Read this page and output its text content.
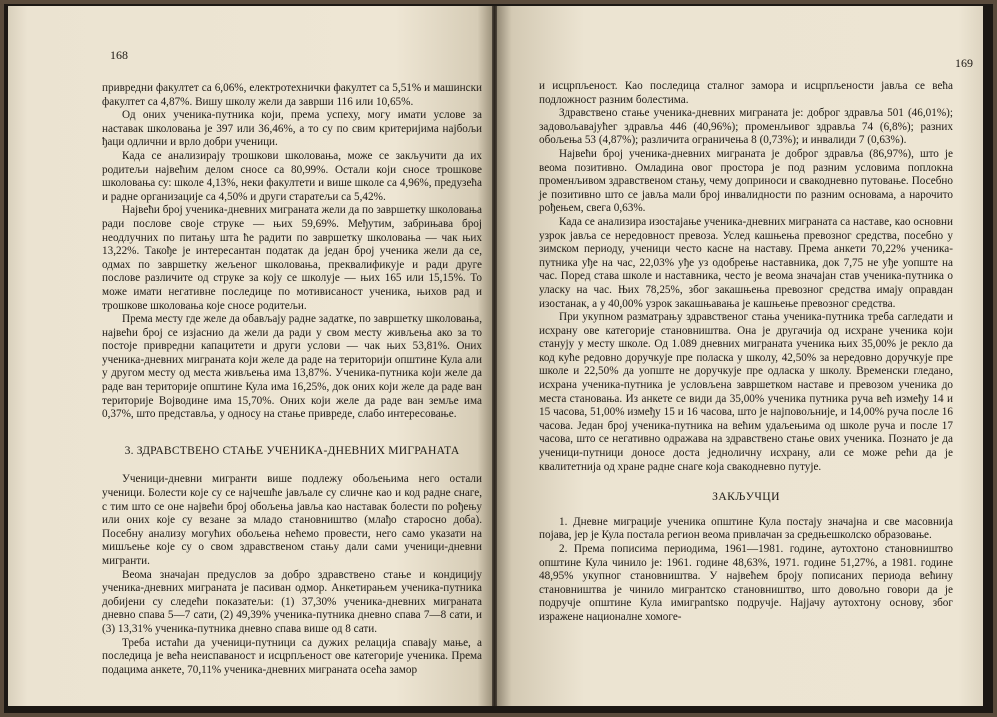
168

привредни факултет са 6,06%, електротехнички факултет са 5,51% и машински факултет са 4,87%. Вишу школу жели да заврши 116 или 10,65%.

Од оних ученика-путника који, према успеху, могу имати услове за наставак школовања је 397 или 36,46%, а то су по свим критеријима најбољи ђаци одлични и врло добри ученици.

Када се анализирају трошкови школовања, може се закључити да их родитељи највећим делом сносе са 80,99%. Остали који сносе трошкове школовања су: школе 4,13%, неки факултети и више школе са 4,96%, предузећа и радне организације са 4,50% и други старатељи са 5,42%.

Највећи број ученика-дневних миграната жели да по завршетку школовања ради послове своје струке — њих 59,69%. Међутим, забрињава број неодлучних по питању шта ће радити по завршетку школовања — чак њих 13,22%. Такође је интересантан податак да један број ученика жели да се, одмах по завршетку жељеног школовања, преквалификује и ради друге послове различите од струке за коју се школује — њих 165 или 15,15%. То може имати негативне последице по мотивисаност ученика, њихов рад и трошкове школовања које сносе родитељи.

Према месту где желе да обављају радне задатке, по завршетку школовања, највећи број се изјаснио да жели да ради у свом месту живљења ако за то постоје привредни капацитети и други услови — чак њих 53,81%. Оних ученика-дневних миграната који желе да раде на територији општине Кула али у другом месту од места живљења има 13,87%. Ученика-путника који желе да раде ван територије општине Кула има 16,25%, док оних који желе да раде ван територије Војводине има 15,70%. Оних који желе да раде ван земље има 0,37%, што представља, у односу на стање привреде, слабо интересовање.

3. ЗДРАВСТВЕНО СТАЊЕ УЧЕНИКА-ДНЕВНИХ МИГРАНАТА

Ученици-дневни мигранти више подлежу обољењима него остали ученици. Болести које су се најчешће јављале су сличне као и код радне снаге, с тим што се оне највећи број обољења јавља као наставак болести по рођењу или оних које су везане за младо становништво (млађо старосно доба). Посебну анализу могућих обољења нећемо провести, него само указати на мишљење које су о свом здравственом стању дали сами ученици-дневни мигранти.

Веома значајан предуслов за добро здравствено стање и кондицију ученика-дневних миграната је пасиван одмор. Анкетирањем ученика-путника добијени су следећи показатељи: (1) 37,30% ученика-дневних миграната дневно спава 5—7 сати, (2) 49,39% ученика-путника дневно спава 7—8 сати, и (3) 13,31% ученика-путника дневно спава више од 8 сати.

Треба истаћи да ученици-путници са дужих релација спавају мање, а последица је већа неиспаваност и исцрпљеност ове категорије ученика. Према подацима анкете, 70,11% ученика-дневних миграната осећа замор

169

и исцрпљеност. Као последица сталног замора и исцрпљености јавља се већа подложност разним болестима.

Здравствено стање ученика-дневних миграната је: доброг здравља 501 (46,01%); задовољавајућег здравља 446 (40,96%); променљивог здравља 74 (6,8%); разних обољења 53 (4,87%); различита ограничења 8 (0,73%); и инвалиди 7 (0,63%).

Највећи број ученика-дневних миграната је доброг здравља (86,97%), што је веома позитивно. Омладина овог простора је под разним условима поплокна променљивом здравственом стању, чему доприноси и свакодневно путовање. Посебно је позитивно што се јавља мали број инвалидности по разним основама, а нарочито рођењем, свега 0,63%.

Када се анализира изостајање ученика-дневних миграната са наставе, као основни узрок јавља се нередовност превоза. Услед кашњења превозног средства, посебно у зимском периоду, ученици често касне на наставу. Према анкети 70,22% ученика-путника уђе на час, 22,03% уђе уз одобрење наставника, док 7,75 не уђе уопште на час. Поред става школе и наставника, често је веома значајан став ученика-путника о уласку на час. Њих 78,25%, због закашњења превозног средства имају оправдан изостанак, а у 40,00% узрок закашњавања је кашњење превозног средства.

При укупном разматрању здравственог стања ученика-путника треба сагледати и исхрану ове категорије становништва. Она је другачија од исхране ученика који станују у месту школе. Од 1.089 дневних миграната ученика њих 35,00% је рекло да код куће редовно доручкује пре поласка у школу, 42,50% за нередовно доручкује пре школе и 22,50% да уопште не доручкује пре одласка у школу. Временски гледано, исхрана ученика-путника је условљена завршетком наставе и превозом ученика до места становања. Из анкете се види да 35,00% ученика путника руча већ између 14 и 15 часова, 51,00% између 15 и 16 часова, што је најповољније, и 14,00% руча после 16 часова. Један број ученика-путника на већим удаљењима од школе руча и после 17 часова, што се негативно одражава на здравствено стање ових ученика. Познато је да ученици-путници доносе доста једноличну исхрану, али се може рећи да је квалитетнија од хране радне снаге која свакодневно путује.

ЗАКЉУЧЦИ

1. Дневне миграције ученика општине Кула постају значајна и све масовнија појава, јер је Кула постала регион веома привлачан за средњешколско образовање.

2. Према пописима периодима, 1961—1981. године, аутохтоно становништво општине Кула чинило је: 1961. године 48,63%, 1971. године 51,27%, а 1981. године 48,95% укупног становништва. У највећем броју пописаних периода већину становништва је чинило мигрантско становништво, што довољно говори да је подручје општине Кула имиграntsко подручје. Најјачу аутохтону основу, због изражене националне хомоге-
